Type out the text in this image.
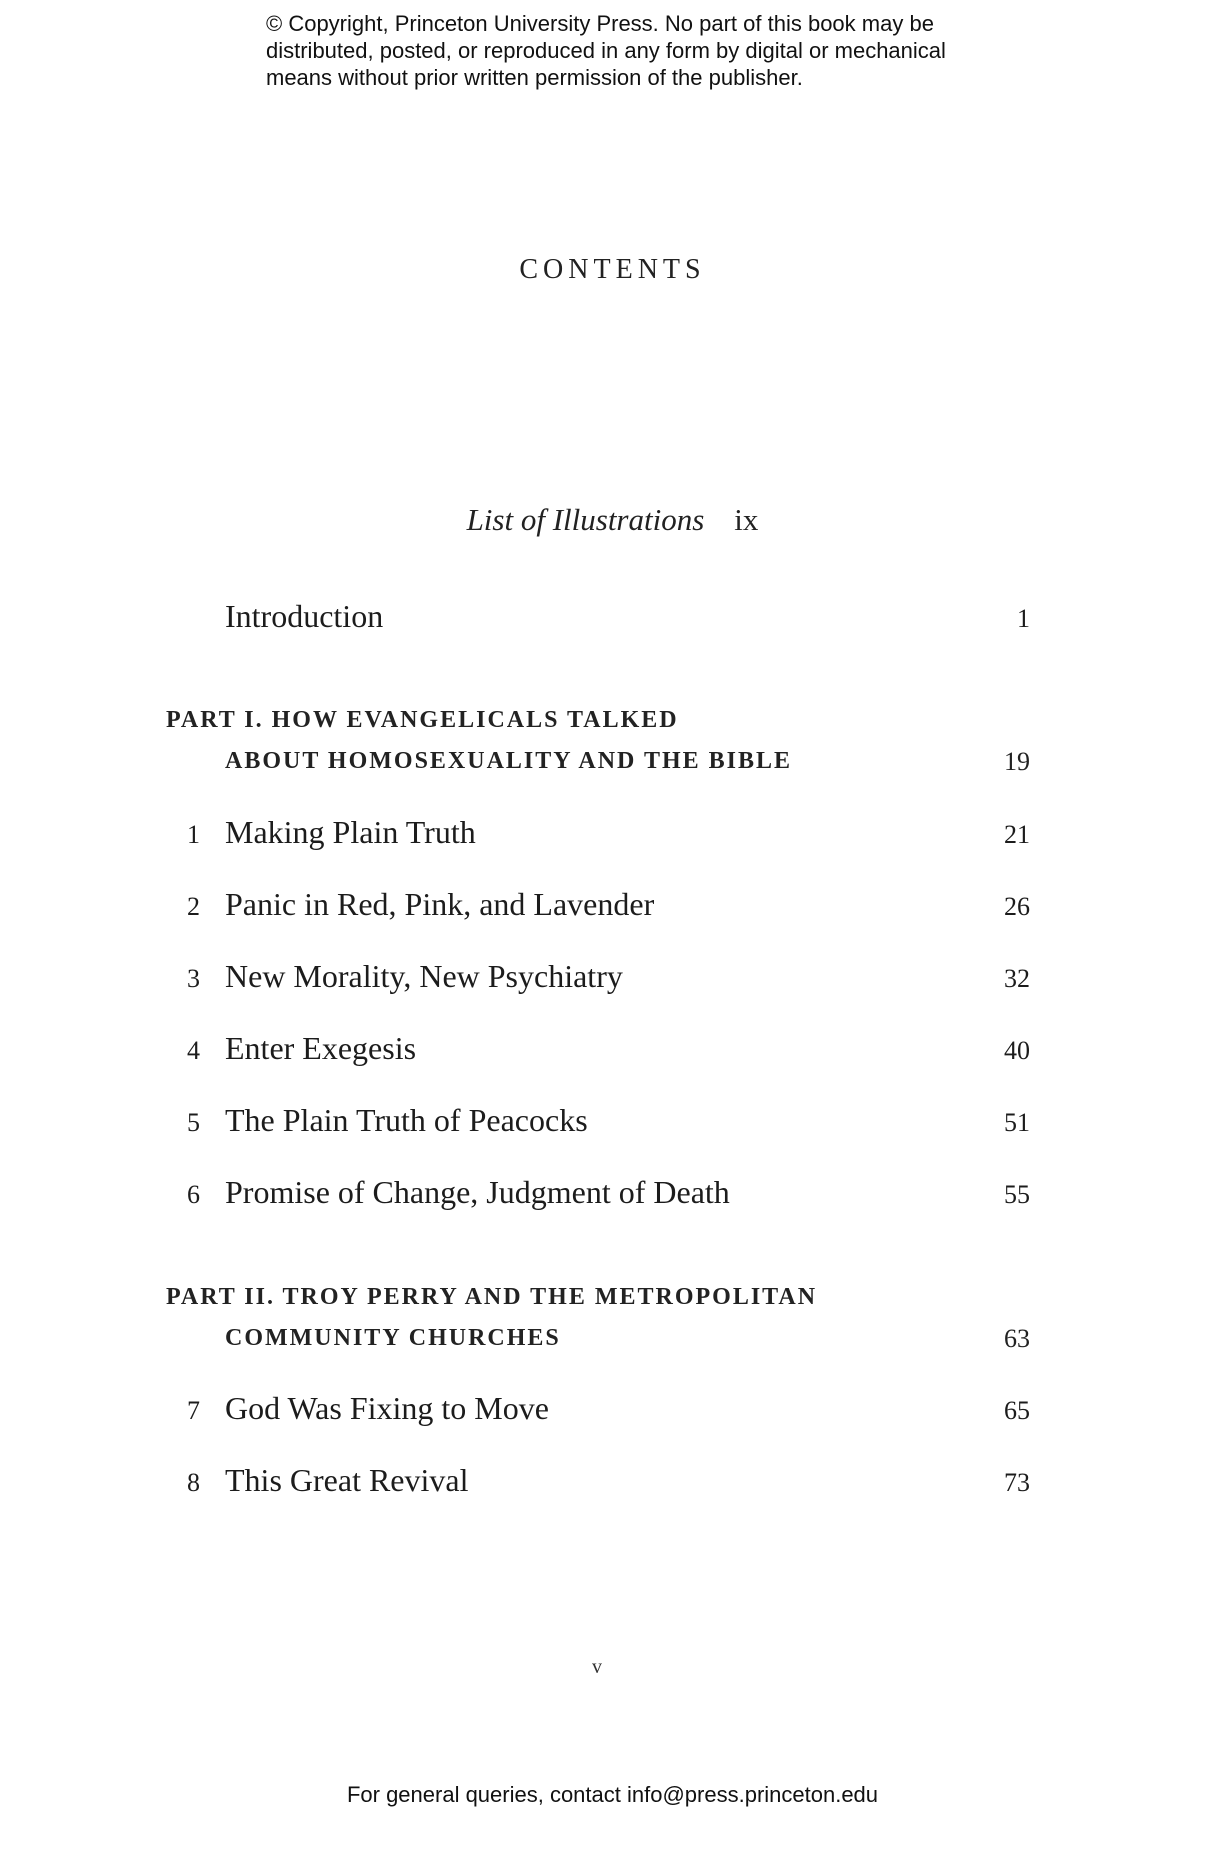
© Copyright, Princeton University Press. No part of this book may be
distributed, posted, or reproduced in any form by digital or mechanical
means without prior written permission of the publisher.
CONTENTS
List of Illustrations ix
Introduction	1
PART I. HOW EVANGELICALS TALKED
ABOUT HOMOSEXUALITY AND THE BIBLE	19
1 Making Plain Truth	21
2 Panic in Red, Pink, and Lavender	26
3 New Morality, New Psychiatry	32
4 Enter Exegesis	40
5 The Plain Truth of Peacocks	51
6 Promise of Change, Judgment of Death	55
PART II. TROY PERRY AND THE METROPOLITAN
COMMUNITY CHURCHES	63
7 God Was Fixing to Move	65
8 This Great Revival	73
v
For general queries, contact info@press.princeton.edu
